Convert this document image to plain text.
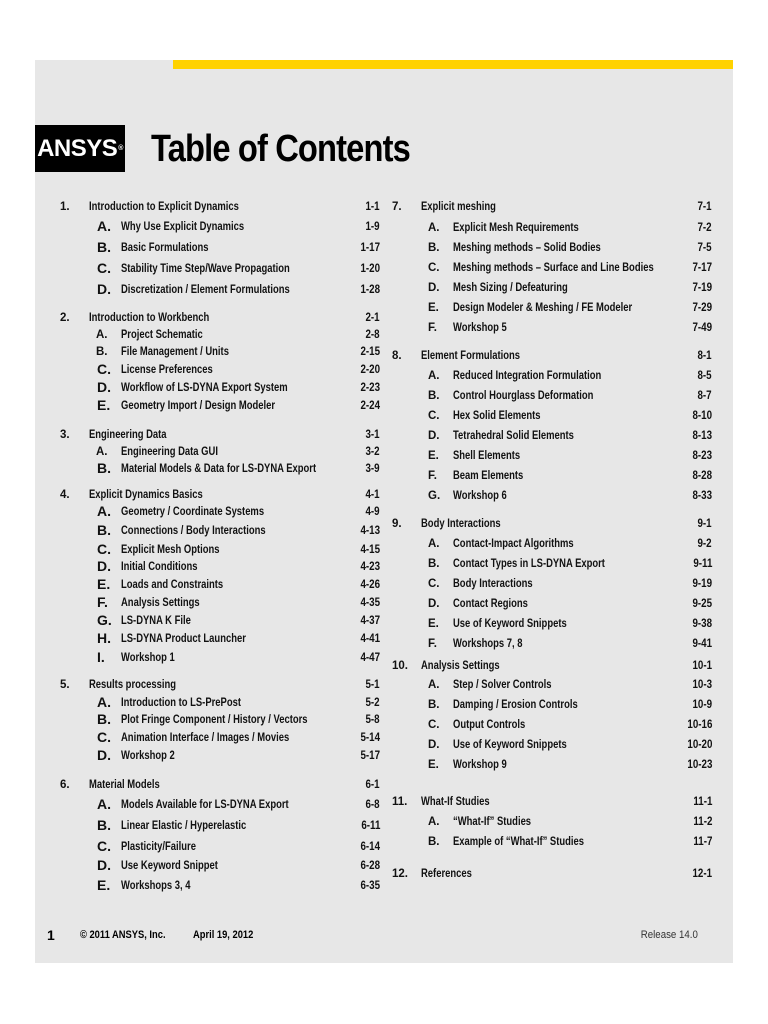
ANSYS ® Table of Contents
1. Introduction to Explicit Dynamics	1-1
A. Why Use Explicit Dynamics	1-9
B. Basic Formulations	1-17
C. Stability Time Step/Wave Propagation	1-20
D. Discretization / Element Formulations	1-28
2. Introduction to Workbench	2-1
A. Project Schematic	2-8
B. File Management / Units	2-15
C. License Preferences	2-20
D. Workflow of LS-DYNA Export System	2-23
E. Geometry Import / Design Modeler	2-24
3. Engineering Data	3-1
A. Engineering Data GUI	3-2
B. Material Models & Data for LS-DYNA Export	3-9
4. Explicit Dynamics Basics	4-1
A. Geometry / Coordinate Systems	4-9
B. Connections / Body Interactions	4-13
C. Explicit Mesh Options	4-15
D. Initial Conditions	4-23
E. Loads and Constraints	4-26
F. Analysis Settings	4-35
G. LS-DYNA K File	4-37
H. LS-DYNA Product Launcher	4-41
I. Workshop 1	4-47
5. Results processing	5-1
A. Introduction to LS-PrePost	5-2
B. Plot Fringe Component / History / Vectors	5-8
C. Animation Interface / Images / Movies	5-14
D. Workshop 2	5-17
6. Material Models	6-1
A. Models Available for LS-DYNA Export	6-8
B. Linear Elastic / Hyperelastic	6-11
C. Plasticity/Failure	6-14
D. Use Keyword Snippet	6-28
E. Workshops 3, 4	6-35
7. Explicit meshing	7-1
A. Explicit Mesh Requirements	7-2
B. Meshing methods – Solid Bodies	7-5
C. Meshing methods – Surface and Line Bodies	7-17
D. Mesh Sizing / Defeaturing	7-19
E. Design Modeler & Meshing / FE Modeler	7-29
F. Workshop 5	7-49
8. Element Formulations	8-1
A. Reduced Integration Formulation	8-5
B. Control Hourglass Deformation	8-7
C. Hex Solid Elements	8-10
D. Tetrahedral Solid Elements	8-13
E. Shell Elements	8-23
F. Beam Elements	8-28
G. Workshop 6	8-33
9. Body Interactions	9-1
A. Contact-Impact Algorithms	9-2
B. Contact Types in LS-DYNA Export	9-11
C. Body Interactions	9-19
D. Contact Regions	9-25
E. Use of Keyword Snippets	9-38
F. Workshops 7, 8	9-41
10. Analysis Settings	10-1
A. Step / Solver Controls	10-3
B. Damping / Erosion Controls	10-9
C. Output Controls	10-16
D. Use of Keyword Snippets	10-20
E. Workshop 9	10-23
11. What-If Studies	11-1
A. “What-If” Studies	11-2
B. Example of “What-If” Studies	11-7
12. References	12-1
1 © 2011 ANSYS, Inc. April 19, 2012	Release 14.0
